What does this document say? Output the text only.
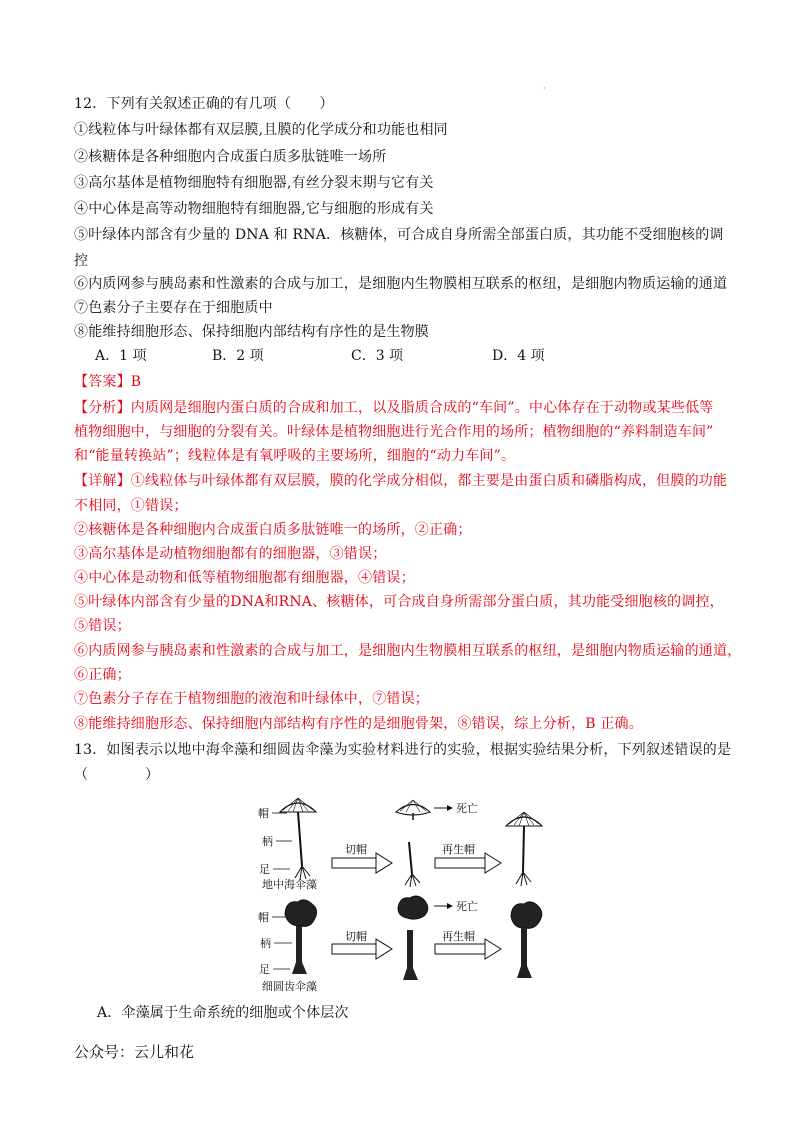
·
12．下列有关叙述正确的有几项（　　）
①线粒体与叶绿体都有双层膜,且膜的化学成分和功能也相同
②核糖体是各种细胞内合成蛋白质多肽链唯一场所
③高尔基体是植物细胞特有细胞器,有丝分裂末期与它有关
④中心体是高等动物细胞特有细胞器,它与细胞的形成有关
⑤叶绿体内部含有少量的 DNA 和 RNA．核糖体，可合成自身所需全部蛋白质，其功能不受细胞核的调
控
⑥内质网参与胰岛素和性激素的合成与加工，是细胞内生物膜相互联系的枢纽，是细胞内物质运输的通道
⑦色素分子主要存在于细胞质中
⑧能维持细胞形态、保持细胞内部结构有序性的是生物膜
A．1 项	B．2 项	C．3 项	D．4 项
【答案】B
【分析】内质网是细胞内蛋白质的合成和加工，以及脂质合成的“车间”。中心体存在于动物或某些低等
植物细胞中，与细胞的分裂有关。叶绿体是植物细胞进行光合作用的场所；植物细胞的“养料制造车间”
和“能量转换站”；线粒体是有氧呼吸的主要场所，细胞的“动力车间”。
【详解】①线粒体与叶绿体都有双层膜，膜的化学成分相似，都主要是由蛋白质和磷脂构成，但膜的功能
不相同，①错误；
②核糖体是各种细胞内合成蛋白质多肽链唯一的场所，②正确；
③高尔基体是动植物细胞都有的细胞器，③错误；
④中心体是动物和低等植物细胞都有细胞器，④错误；
⑤叶绿体内部含有少量的DNA和RNA、核糖体，可合成自身所需部分蛋白质，其功能受细胞核的调控，
⑤错误；
⑥内质网参与胰岛素和性激素的合成与加工，是细胞内生物膜相互联系的枢纽，是细胞内物质运输的通道，
⑥正确；
⑦色素分子存在于植物细胞的液泡和叶绿体中，⑦错误；
⑧能维持细胞形态、保持细胞内部结构有序性的是细胞骨架，⑧错误，综上分析，B 正确。
13．如图表示以地中海伞藻和细圆齿伞藻为实验材料进行的实验，根据实验结果分析，下列叙述错误的是
（　　　　）
帽
柄
足
地中海伞藻
切帽
死亡
再生帽
帽
柄
足
细圆齿伞藻
切帽
死亡
再生帽
A．伞藻属于生命系统的细胞或个体层次
公众号：云儿和花
